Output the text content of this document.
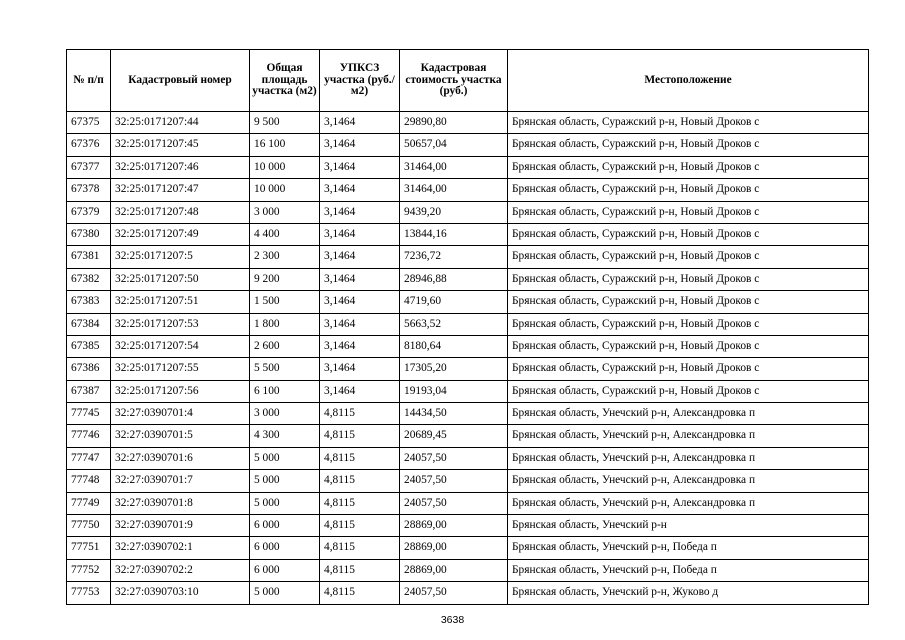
№ п/п	Кадастровый номер	Общая площадь участка (м2)	УПКСЗ участка (руб./м2)	Кадастровая стоимость участка (руб.)	Местоположение
67375	32:25:0171207:44	9 500	3,1464	29890,80	Брянская область, Суражский р-н, Новый Дроков с
67376	32:25:0171207:45	16 100	3,1464	50657,04	Брянская область, Суражский р-н, Новый Дроков с
67377	32:25:0171207:46	10 000	3,1464	31464,00	Брянская область, Суражский р-н, Новый Дроков с
67378	32:25:0171207:47	10 000	3,1464	31464,00	Брянская область, Суражский р-н, Новый Дроков с
67379	32:25:0171207:48	3 000	3,1464	9439,20	Брянская область, Суражский р-н, Новый Дроков с
67380	32:25:0171207:49	4 400	3,1464	13844,16	Брянская область, Суражский р-н, Новый Дроков с
67381	32:25:0171207:5	2 300	3,1464	7236,72	Брянская область, Суражский р-н, Новый Дроков с
67382	32:25:0171207:50	9 200	3,1464	28946,88	Брянская область, Суражский р-н, Новый Дроков с
67383	32:25:0171207:51	1 500	3,1464	4719,60	Брянская область, Суражский р-н, Новый Дроков с
67384	32:25:0171207:53	1 800	3,1464	5663,52	Брянская область, Суражский р-н, Новый Дроков с
67385	32:25:0171207:54	2 600	3,1464	8180,64	Брянская область, Суражский р-н, Новый Дроков с
67386	32:25:0171207:55	5 500	3,1464	17305,20	Брянская область, Суражский р-н, Новый Дроков с
67387	32:25:0171207:56	6 100	3,1464	19193,04	Брянская область, Суражский р-н, Новый Дроков с
77745	32:27:0390701:4	3 000	4,8115	14434,50	Брянская область, Унечский р-н, Александровка п
77746	32:27:0390701:5	4 300	4,8115	20689,45	Брянская область, Унечский р-н, Александровка п
77747	32:27:0390701:6	5 000	4,8115	24057,50	Брянская область, Унечский р-н, Александровка п
77748	32:27:0390701:7	5 000	4,8115	24057,50	Брянская область, Унечский р-н, Александровка п
77749	32:27:0390701:8	5 000	4,8115	24057,50	Брянская область, Унечский р-н, Александровка п
77750	32:27:0390701:9	6 000	4,8115	28869,00	Брянская область, Унечский р-н
77751	32:27:0390702:1	6 000	4,8115	28869,00	Брянская область, Унечский р-н, Победа п
77752	32:27:0390702:2	6 000	4,8115	28869,00	Брянская область, Унечский р-н, Победа п
77753	32:27:0390703:10	5 000	4,8115	24057,50	Брянская область, Унечский р-н, Жуково д
3638
